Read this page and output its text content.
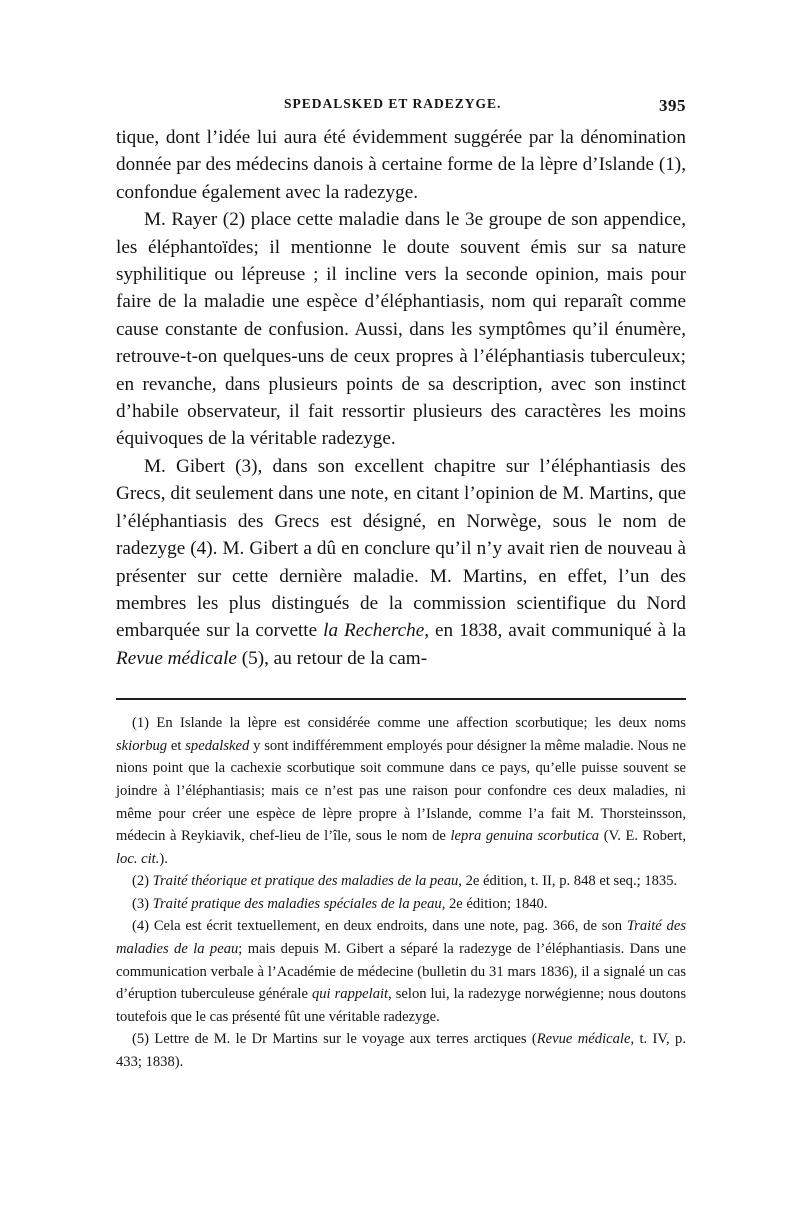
SPEDALSKED ET RADEZYGE.	395

tique, dont l’idée lui aura été évidemment suggérée par la dénomination donnée par des médecins danois à certaine forme de la lèpre d’Islande (1), confondue également avec la radezyge.

M. Rayer (2) place cette maladie dans le 3e groupe de son appendice, les éléphantoïdes; il mentionne le doute souvent émis sur sa nature syphilitique ou lépreuse ; il incline vers la seconde opinion, mais pour faire de la maladie une espèce d’éléphantiasis, nom qui reparaît comme cause constante de confusion. Aussi, dans les symptômes qu’il énumère, retrouve-t-on quelques-uns de ceux propres à l’éléphantiasis tuberculeux; en revanche, dans plusieurs points de sa description, avec son instinct d’habile observateur, il fait ressortir plusieurs des caractères les moins équivoques de la véritable radezyge.

M. Gibert (3), dans son excellent chapitre sur l’éléphantiasis des Grecs, dit seulement dans une note, en citant l’opinion de M. Martins, que l’éléphantiasis des Grecs est désigné, en Norwège, sous le nom de radezyge (4). M. Gibert a dû en conclure qu’il n’y avait rien de nouveau à présenter sur cette dernière maladie. M. Martins, en effet, l’un des membres les plus distingués de la commission scientifique du Nord embarquée sur la corvette la Recherche, en 1838, avait communiqué à la Revue médicale (5), au retour de la cam-

(1) En Islande la lèpre est considérée comme une affection scorbutique; les deux noms skiorbug et spedalsked y sont indifféremment employés pour désigner la même maladie. Nous ne nions point que la cachexie scorbutique soit commune dans ce pays, qu’elle puisse souvent se joindre à l’éléphantiasis; mais ce n’est pas une raison pour confondre ces deux maladies, ni même pour créer une espèce de lèpre propre à l’Islande, comme l’a fait M. Thorsteinsson, médecin à Reykiavik, chef-lieu de l’île, sous le nom de lepra genuina scorbutica (V. E. Robert, loc. cit.).

(2) Traité théorique et pratique des maladies de la peau, 2e édition, t. II, p. 848 et seq.; 1835.

(3) Traité pratique des maladies spéciales de la peau, 2e édition; 1840.

(4) Cela est écrit textuellement, en deux endroits, dans une note, pag. 366, de son Traité des maladies de la peau; mais depuis M. Gibert a séparé la radezyge de l’éléphantiasis. Dans une communication verbale à l’Académie de médecine (bulletin du 31 mars 1836), il a signalé un cas d’éruption tuberculeuse générale qui rappelait, selon lui, la radezyge norwégienne; nous doutons toutefois que le cas présenté fût une véritable radezyge.

(5) Lettre de M. le Dr Martins sur le voyage aux terres arctiques (Revue médicale, t. IV, p. 433; 1838).
